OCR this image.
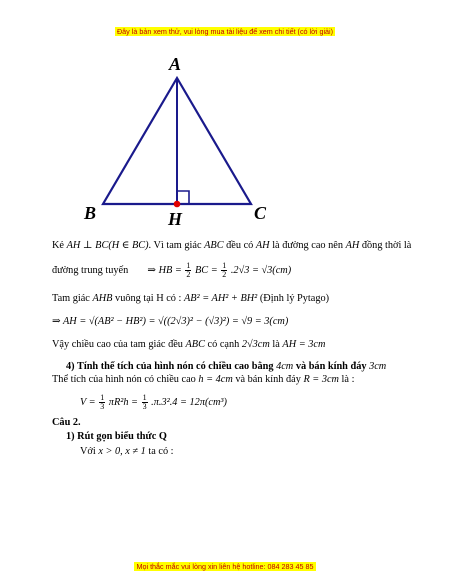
Đây là bản xem thử, vui lòng mua tài liệu để xem chi tiết (có lời giải)
A
B	C
H
Kẻ AH ⊥ BC(H ∈ BC). Vì tam giác ABC đều có AH là đường cao nên AH đồng thời là
đường trung tuyến ⇒ HB = $\frac{1}{2}$ BC = $\frac{1}{2} .2√3 = √3(cm)$
Tam giác AHB vuông tại H có : AB² = AH² + BH² (Định lý Pytago)
⇒ AH = √(AB² − HB²) = √((2√3)² − (√3)²) = √9 = 3(cm)
Vậy chiều cao của tam giác đều ABC có cạnh 2√3cm là AH = 3cm
4) Tính thể tích của hình nón có chiều cao bằng 4cm và bán kính đáy 3cm
Thể tích của hình nón có chiều cao h = 4cm và bán kính đáy R = 3cm là :
$V = \frac{1}{3} \pi R^2h = \frac{1}{3} .\pi.3^2.4 = 12\pi(cm^3)$
Câu 2.
1) Rút gọn biểu thức Q
Với x > 0, x ≠ 1 ta có :
Mọi thắc mắc vui lòng xin liên hệ hotline: 084 283 45 85
